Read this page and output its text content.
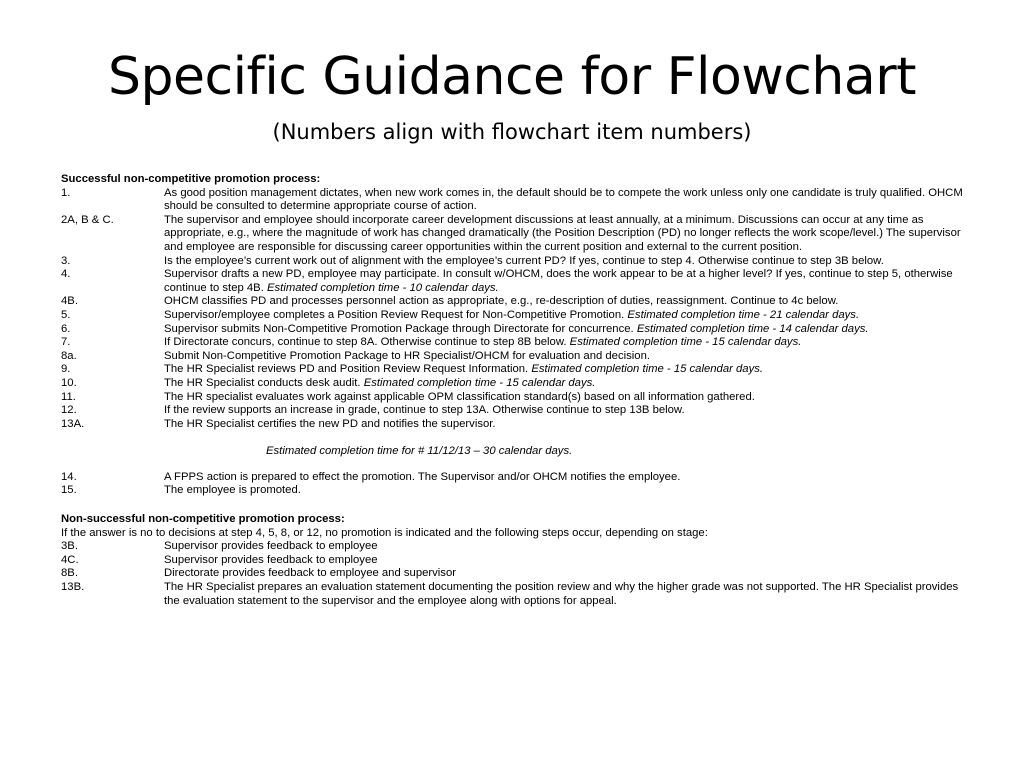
Specific Guidance for Flowchart
(Numbers align with flowchart item numbers)
Successful non-competitive promotion process:
1.	As good position management dictates, when new work comes in, the default should be to compete the work unless only one candidate is truly qualified. OHCM should be consulted to determine appropriate course of action.
2A, B & C.	The supervisor and employee should incorporate career development discussions at least annually, at a minimum. Discussions can occur at any time as appropriate, e.g., where the magnitude of work has changed dramatically (the Position Description (PD) no longer reflects the work scope/level.) The supervisor and employee are responsible for discussing career opportunities within the current position and external to the current position.
3.	Is the employee’s current work out of alignment with the employee’s current PD? If yes, continue to step 4. Otherwise continue to step 3B below.
4.	Supervisor drafts a new PD, employee may participate. In consult w/OHCM, does the work appear to be at a higher level? If yes, continue to step 5, otherwise continue to step 4B. Estimated completion time - 10 calendar days.
4B.	OHCM classifies PD and processes personnel action as appropriate, e.g., re-description of duties, reassignment. Continue to 4c below.
5.	Supervisor/employee completes a Position Review Request for Non-Competitive Promotion. Estimated completion time - 21 calendar days.
6.	Supervisor submits Non-Competitive Promotion Package through Directorate for concurrence. Estimated completion time - 14 calendar days.
7.	If Directorate concurs, continue to step 8A. Otherwise continue to step 8B below. Estimated completion time - 15 calendar days.
8a.	Submit Non-Competitive Promotion Package to HR Specialist/OHCM for evaluation and decision.
9.	The HR Specialist reviews PD and Position Review Request Information. Estimated completion time - 15 calendar days.
10.	The HR Specialist conducts desk audit. Estimated completion time - 15 calendar days.
11.	The HR specialist evaluates work against applicable OPM classification standard(s) based on all information gathered.
12.	If the review supports an increase in grade, continue to step 13A. Otherwise continue to step 13B below.
13A.	The HR Specialist certifies the new PD and notifies the supervisor.
Estimated completion time for # 11/12/13 – 30 calendar days.
14.	A FPPS action is prepared to effect the promotion. The Supervisor and/or OHCM notifies the employee.
15.	The employee is promoted.
Non-successful non-competitive promotion process:
If the answer is no to decisions at step 4, 5, 8, or 12, no promotion is indicated and the following steps occur, depending on stage:
3B.	Supervisor provides feedback to employee
4C.	Supervisor provides feedback to employee
8B.	Directorate provides feedback to employee and supervisor
13B.	The HR Specialist prepares an evaluation statement documenting the position review and why the higher grade was not supported. The HR Specialist provides the evaluation statement to the supervisor and the employee along with options for appeal.
